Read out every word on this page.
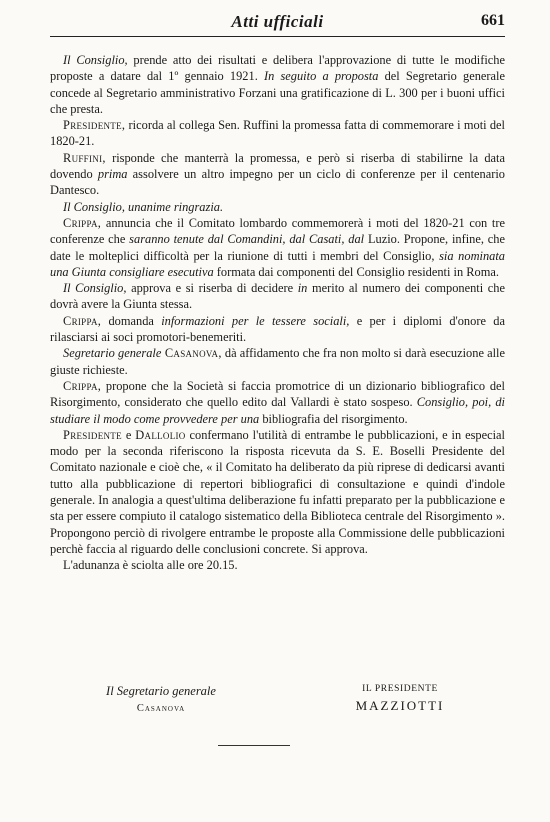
Atti ufficiali	661

Il Consiglio, prende atto dei risultati e delibera l'approvazione di tutte le modifiche proposte a datare dal 1º gennaio 1921. In seguito a proposta del Segretario generale concede al Segretario amministrativo Forzani una gratificazione di L. 300 per i buoni uffici che presta.

Presidente, ricorda al collega Sen. Ruffini la promessa fatta di commemorare i moti del 1820-21.

Ruffini, risponde che manterrà la promessa, e però si riserba di stabilirne la data dovendo prima assolvere un altro impegno per un ciclo di conferenze per il centenario Dantesco.

Il Consiglio, unanime ringrazia.

Crippa, annuncia che il Comitato lombardo commemorerà i moti del 1820-21 con tre conferenze che saranno tenute dal Comandini, dal Casati, dal Luzio. Propone, infine, che date le molteplici difficoltà per la riunione di tutti i membri del Consiglio, sia nominata una Giunta consigliare esecutiva formata dai componenti del Consiglio residenti in Roma.

Il Consiglio, approva e si riserba di decidere in merito al numero dei componenti che dovrà avere la Giunta stessa.

Crippa, domanda informazioni per le tessere sociali, e per i diplomi d'onore da rilasciarsi ai soci promotori-benemeriti.

Segretario generale Casanova, dà affidamento che fra non molto si darà esecuzione alle giuste richieste.

Crippa, propone che la Società si faccia promotrice di un dizionario bibliografico del Risorgimento, considerato che quello edito dal Vallardi è stato sospeso. Consiglio, poi, di studiare il modo come provvedere per una bibliografia del risorgimento.

Presidente e Dallolio confermano l'utilità di entrambe le pubblicazioni, e in especial modo per la seconda riferiscono la risposta ricevuta da S. E. Boselli Presidente del Comitato nazionale e cioè che, « il Comitato ha deliberato da più riprese di dedicarsi avanti tutto alla pubblicazione di repertori bibliografici di consultazione e quindi d'indole generale. In analogia a quest'ultima deliberazione fu infatti preparato per la pubblicazione e sta per essere compiuto il catalogo sistematico della Biblioteca centrale del Risorgimento ». Propongono perciò di rivolgere entrambe le proposte alla Commissione delle pubblicazioni perchè faccia al riguardo delle conclusioni concrete. Si approva.

L'adunanza è sciolta alle ore 20.15.

Il Segretario generale
Casanova
IL PRESIDENTE
MAZZIOTTI
